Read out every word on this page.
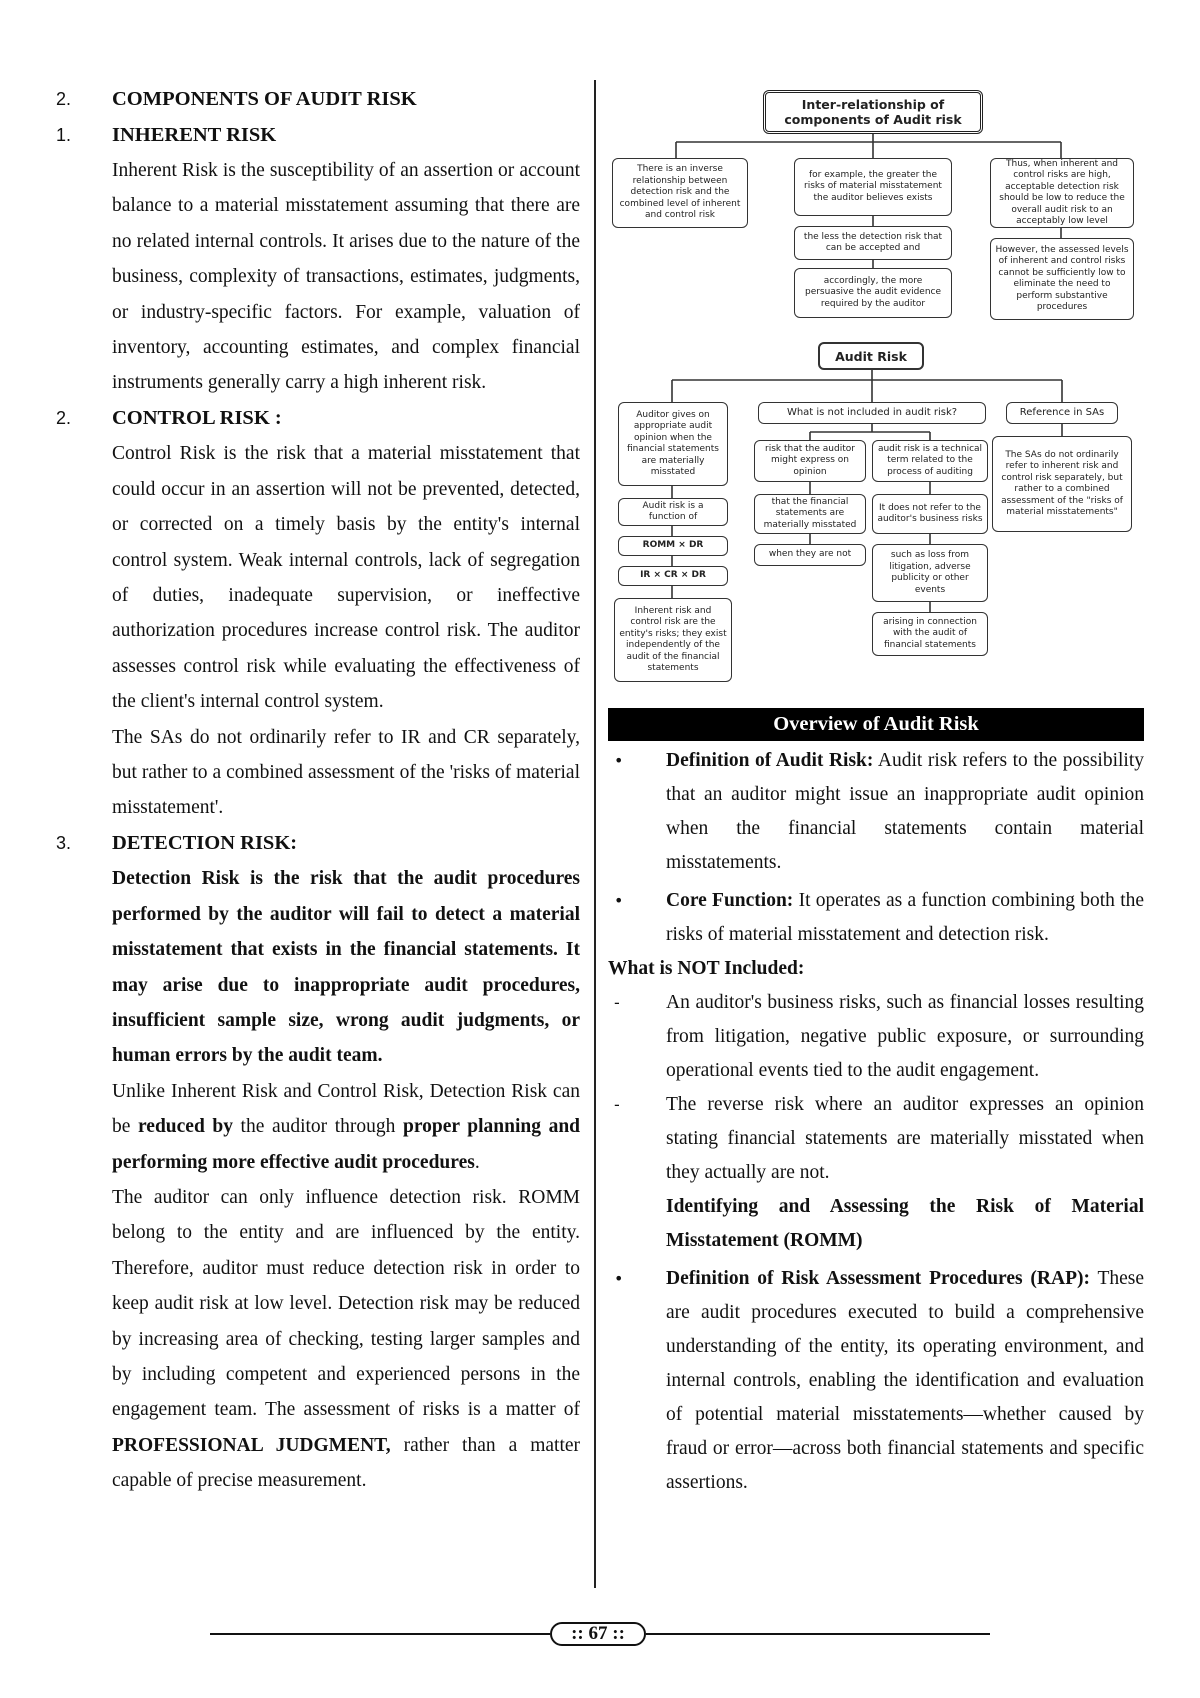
2.	COMPONENTS OF AUDIT RISK
1.	INHERENT RISK
Inherent Risk is the susceptibility of an assertion or account balance to a material misstatement assuming that there are no related internal controls. It arises due to the nature of the business, complexity of transactions, estimates, judgments, or industry-specific factors. For example, valuation of inventory, accounting estimates, and complex financial instruments generally carry a high inherent risk.
2.	CONTROL RISK :
Control Risk is the risk that a material misstatement that could occur in an assertion will not be prevented, detected, or corrected on a timely basis by the entity's internal control system. Weak internal controls, lack of segregation of duties, inadequate supervision, or ineffective authorization procedures increase control risk. The auditor assesses control risk while evaluating the effectiveness of the client's internal control system.
The SAs do not ordinarily refer to IR and CR separately, but rather to a combined assessment of the 'risks of material misstatement'.
3.	DETECTION RISK:
Detection Risk is the risk that the audit procedures performed by the auditor will fail to detect a material misstatement that exists in the financial statements. It may arise due to inappropriate audit procedures, insufficient sample size, wrong audit judgments, or human errors by the audit team.
Unlike Inherent Risk and Control Risk, Detection Risk can be reduced by the auditor through proper planning and performing more effective audit procedures.
The auditor can only influence detection risk. ROMM belong to the entity and are influenced by the entity. Therefore, auditor must reduce detection risk in order to keep audit risk at low level. Detection risk may be reduced by increasing area of checking, testing larger samples and by including competent and experienced persons in the engagement team. The assessment of risks is a matter of PROFESSIONAL JUDGMENT, rather than a matter capable of precise measurement.
Inter-relationship of components of Audit risk
There is an inverse relationship between detection risk and the combined level of inherent and control risk
for example, the greater the risks of material misstatement the auditor believes exists
the less the detection risk that can be accepted and
accordingly, the more persuasive the audit evidence required by the auditor
Thus, when inherent and control risks are high, acceptable detection risk should be low to reduce the overall audit risk to an acceptably low level
However, the assessed levels of inherent and control risks cannot be sufficiently low to eliminate the need to perform substantive procedures
Audit Risk
Auditor gives on appropriate audit opinion when the financial statements are materially misstated
Audit risk is a function of
ROMM × DR
IR × CR × DR
Inherent risk and control risk are the entity's risks; they exist independently of the audit of the financial statements
What is not included in audit risk?
risk that the auditor might express on opinion
that the financial statements are materially misstated
when they are not
audit risk is a technical term related to the process of auditing
It does not refer to the auditor's business risks
such as loss from litigation, adverse publicity or other events
arising in connection with the audit of financial statements
Reference in SAs
The SAs do not ordinarily refer to inherent risk and control risk separately, but rather to a combined assessment of the "risks of material misstatements"
Overview of Audit Risk
•	Definition of Audit Risk: Audit risk refers to the possibility that an auditor might issue an inappropriate audit opinion when the financial statements contain material misstatements.
•	Core Function: It operates as a function combining both the risks of material misstatement and detection risk.
What is NOT Included:
-	An auditor's business risks, such as financial losses resulting from litigation, negative public exposure, or surrounding operational events tied to the audit engagement.
-	The reverse risk where an auditor expresses an opinion stating financial statements are materially misstated when they actually are not.
Identifying and Assessing the Risk of Material Misstatement (ROMM)
•	Definition of Risk Assessment Procedures (RAP): These are audit procedures executed to build a comprehensive understanding of the entity, its operating environment, and internal controls, enabling the identification and evaluation of potential material misstatements—whether caused by fraud or error—across both financial statements and specific assertions.
:: 67 ::
